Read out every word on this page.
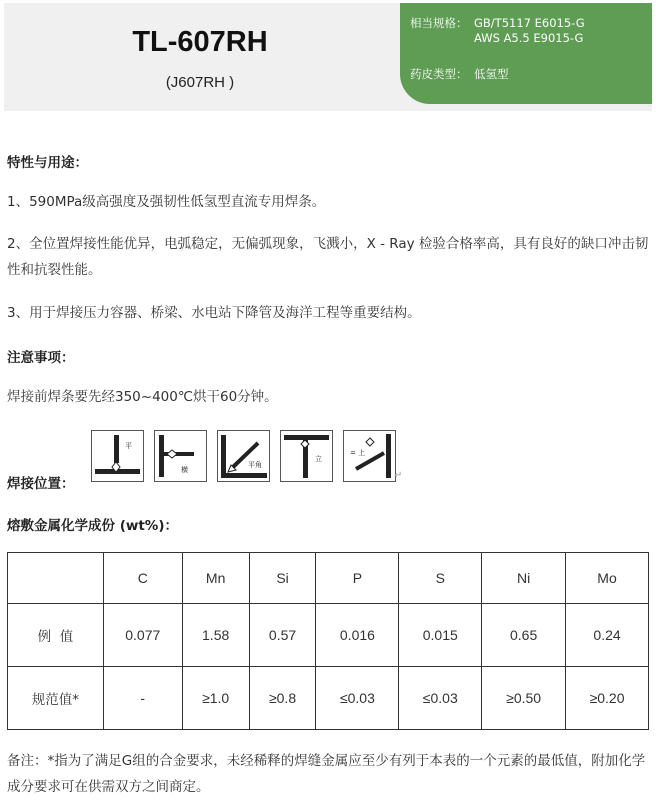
TL-607RH
(J607RH )
相当规格： GB/T5117 E6015-G
AWS A5.5 E9015-G
药皮类型： 低氢型
特性与用途：
1、590MPa级高强度及强韧性低氢型直流专用焊条。
2、全位置焊接性能优异，电弧稳定，无偏弧现象，飞溅小，X - Ray 检验合格率高，具有良好的缺口冲击韧性和抗裂性能。
3、用于焊接压力容器、桥梁、水电站下降管及海洋工程等重要结构。
注意事项：
焊接前焊条要先经350~400℃烘干60分钟。
焊接位置：
平
横
平角
立
= 上
↵
熔敷金属化学成份 (wt%)：
	C	Mn	Si	P	S	Ni	Mo
例  值	0.077	1.58	0.57	0.016	0.015	0.65	0.24
规范值*	-	≥1.0	≥0.8	≤0.03	≤0.03	≥0.50	≥0.20
备注：*指为了满足G组的合金要求，未经稀释的焊缝金属应至少有列于本表的一个元素的最低值，附加化学成分要求可在供需双方之间商定。
